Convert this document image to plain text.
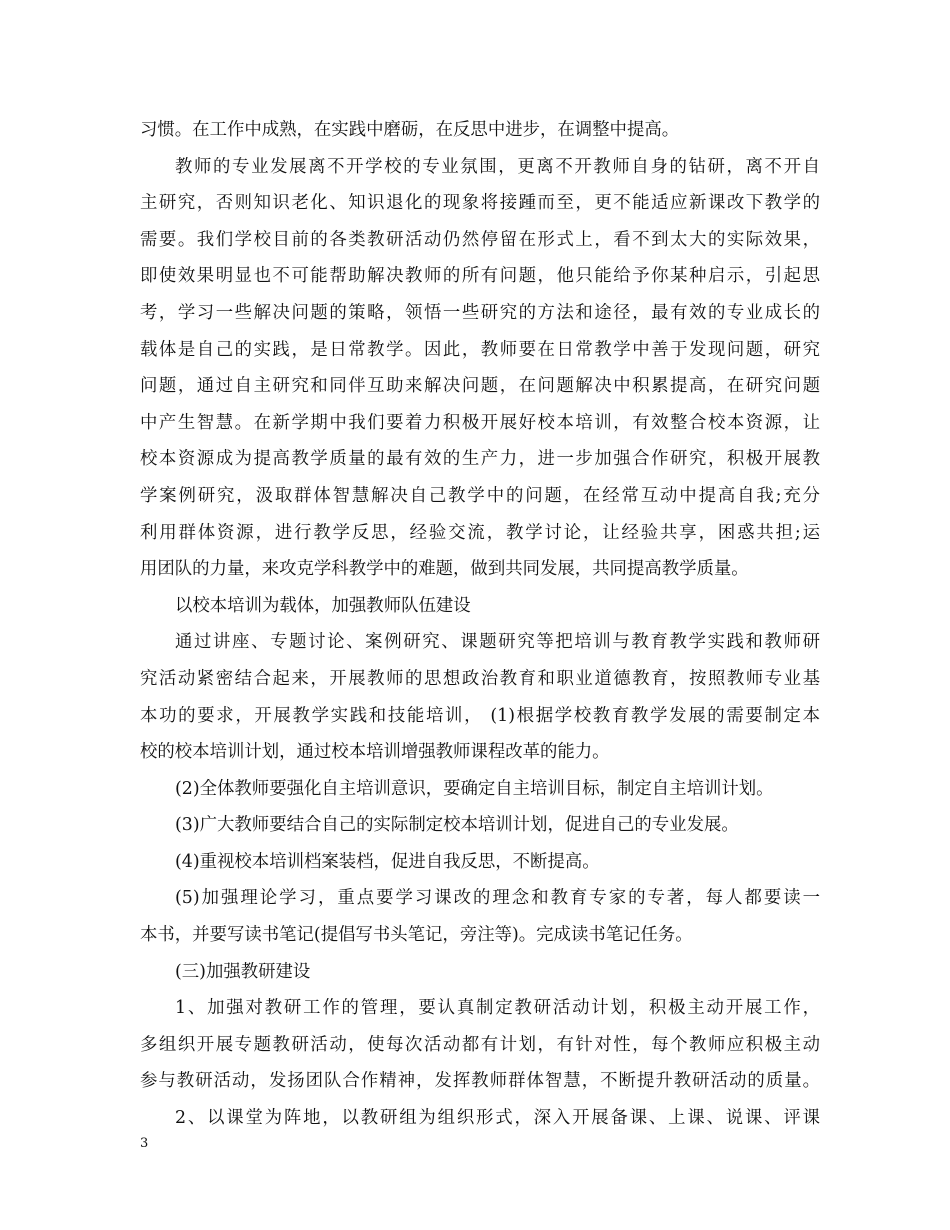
习惯。在工作中成熟，在实践中磨砺，在反思中进步，在调整中提高。
教师的专业发展离不开学校的专业氛围，更离不开教师自身的钻研，离不开自
主研究，否则知识老化、知识退化的现象将接踵而至，更不能适应新课改下教学的
需要。我们学校目前的各类教研活动仍然停留在形式上，看不到太大的实际效果，
即使效果明显也不可能帮助解决教师的所有问题，他只能给予你某种启示，引起思
考，学习一些解决问题的策略，领悟一些研究的方法和途径，最有效的专业成长的
载体是自己的实践，是日常教学。因此，教师要在日常教学中善于发现问题，研究
问题，通过自主研究和同伴互助来解决问题，在问题解决中积累提高，在研究问题
中产生智慧。在新学期中我们要着力积极开展好校本培训，有效整合校本资源，让
校本资源成为提高教学质量的最有效的生产力，进一步加强合作研究，积极开展教
学案例研究，汲取群体智慧解决自己教学中的问题，在经常互动中提高自我;充分
利用群体资源，进行教学反思，经验交流，教学讨论，让经验共享，困惑共担;运
用团队的力量，来攻克学科教学中的难题，做到共同发展，共同提高教学质量。
以校本培训为载体，加强教师队伍建设
通过讲座、专题讨论、案例研究、课题研究等把培训与教育教学实践和教师研
究活动紧密结合起来，开展教师的思想政治教育和职业道德教育，按照教师专业基
本功的要求，开展教学实践和技能培训， (1)根据学校教育教学发展的需要制定本
校的校本培训计划，通过校本培训增强教师课程改革的能力。
(2)全体教师要强化自主培训意识，要确定自主培训目标，制定自主培训计划。
(3)广大教师要结合自己的实际制定校本培训计划，促进自己的专业发展。
(4)重视校本培训档案装档，促进自我反思，不断提高。
(5)加强理论学习，重点要学习课改的理念和教育专家的专著，每人都要读一
本书，并要写读书笔记(提倡写书头笔记，旁注等)。完成读书笔记任务。
(三)加强教研建设
1、加强对教研工作的管理，要认真制定教研活动计划，积极主动开展工作，
多组织开展专题教研活动，使每次活动都有计划，有针对性，每个教师应积极主动
参与教研活动，发扬团队合作精神，发挥教师群体智慧，不断提升教研活动的质量。
2、以课堂为阵地，以教研组为组织形式，深入开展备课、上课、说课、评课
3
